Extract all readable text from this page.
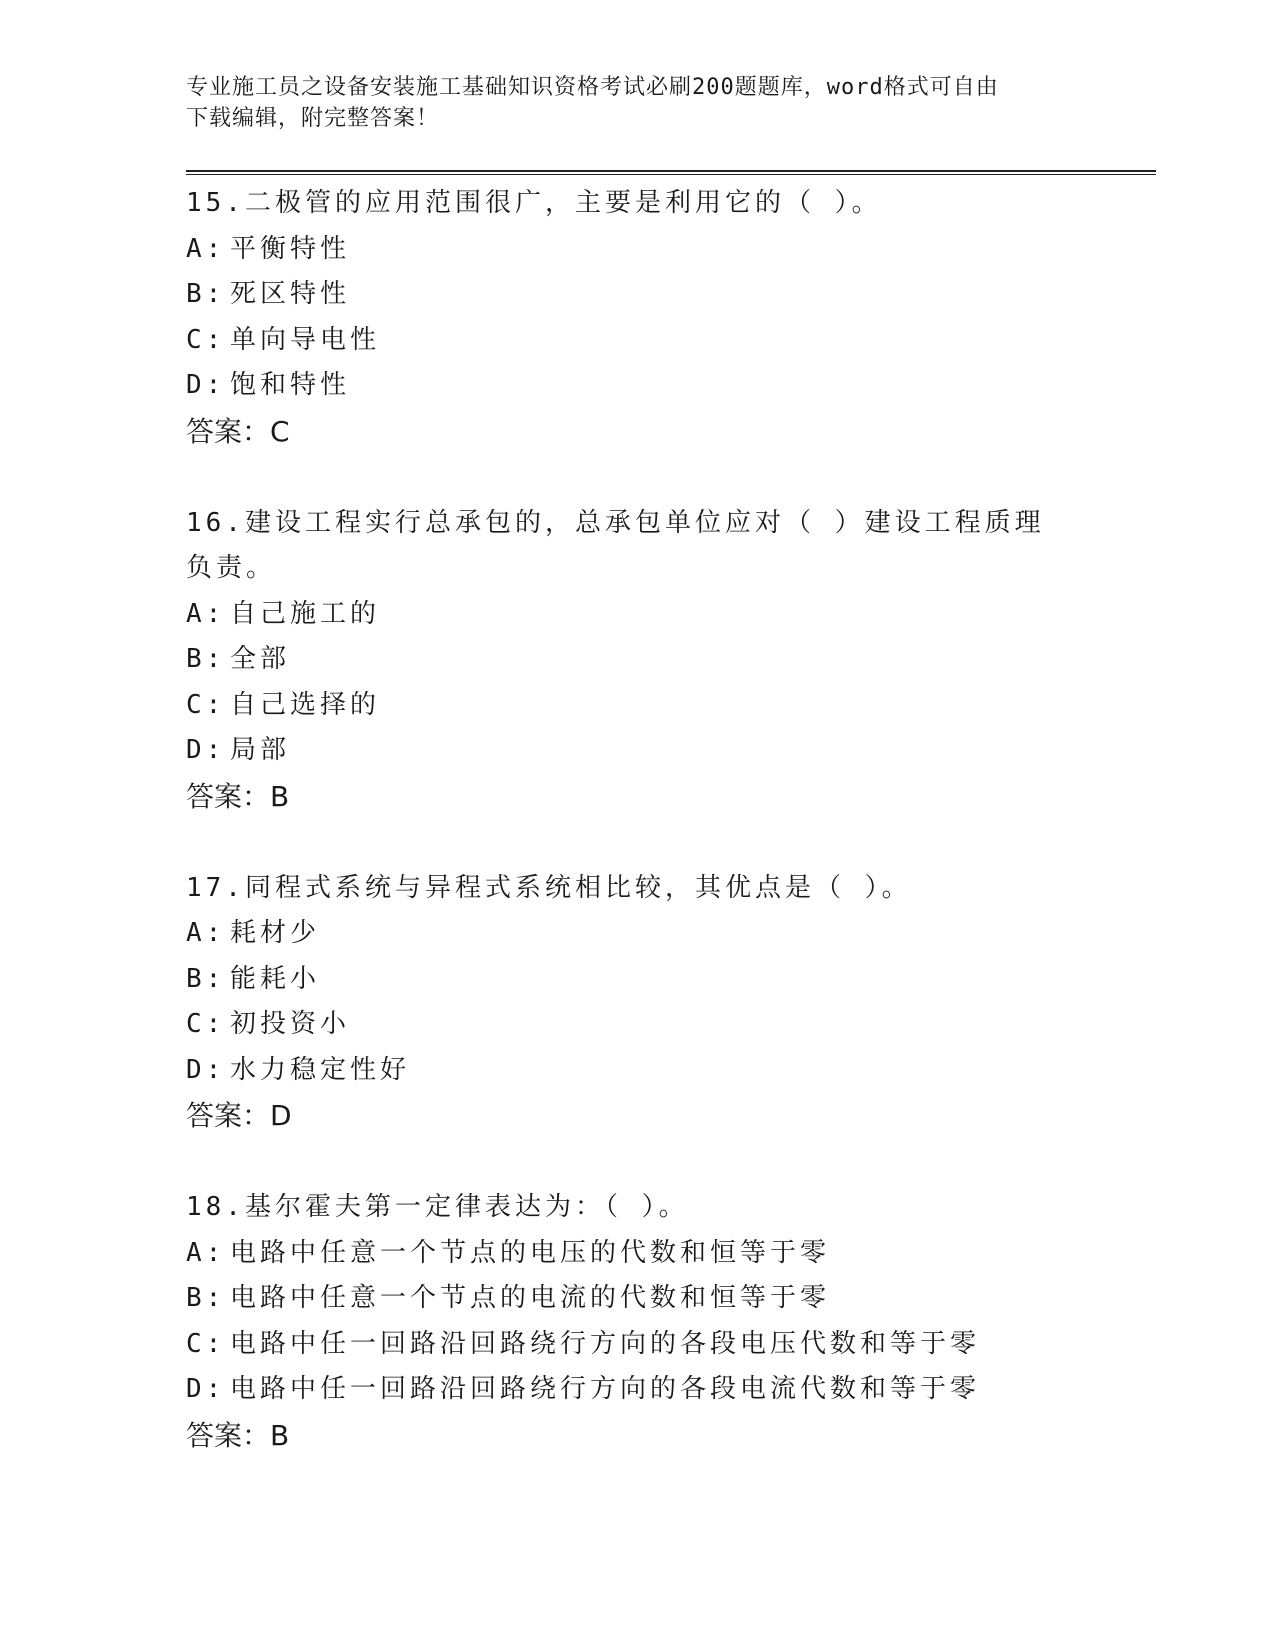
专业施工员之设备安装施工基础知识资格考试必刷200题题库，word格式可自由
下载编辑，附完整答案！

15.二极管的应用范围很广，主要是利用它的（ ）。

A: 平衡特性

B: 死区特性

C: 单向导电性

D: 饱和特性

答案：C

16.建设工程实行总承包的，总承包单位应对（ ）建设工程质理负责。

A: 自己施工的

B: 全部

C: 自己选择的

D: 局部

答案：B

17.同程式系统与异程式系统相比较，其优点是（ ）。

A: 耗材少

B: 能耗小

C: 初投资小

D: 水力稳定性好

答案：D

18.基尔霍夫第一定律表达为：（ ）。

A: 电路中任意一个节点的电压的代数和恒等于零

B: 电路中任意一个节点的电流的代数和恒等于零

C: 电路中任一回路沿回路绕行方向的各段电压代数和等于零

D: 电路中任一回路沿回路绕行方向的各段电流代数和等于零

答案：B
